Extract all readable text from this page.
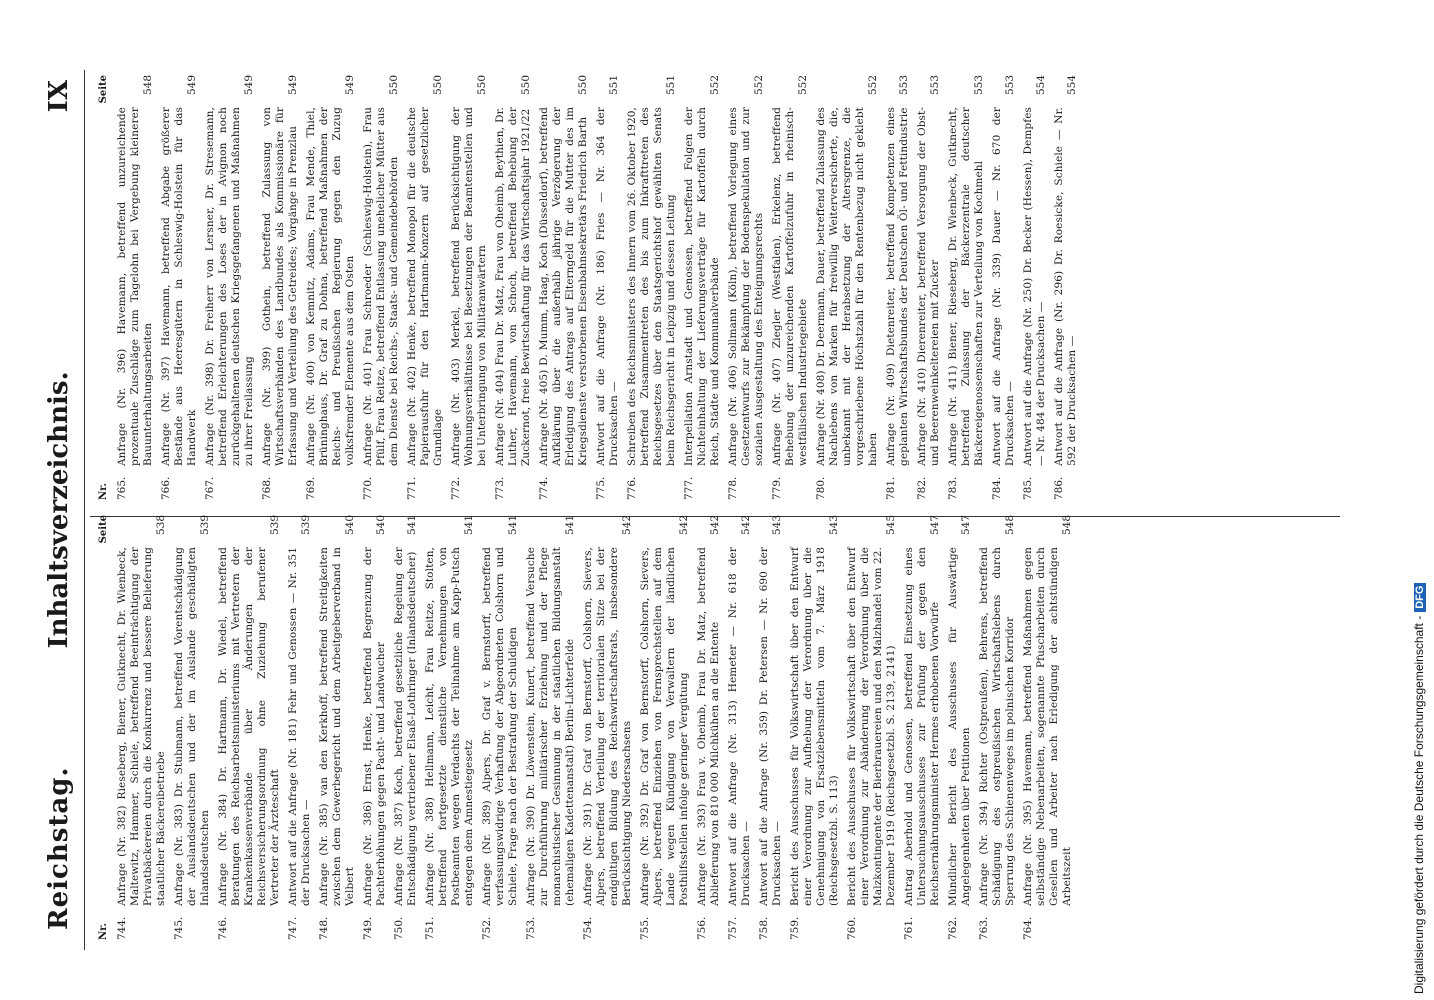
Reichstag.
Inhaltsverzeichnis.
IX
Nr.
Seite
744.
Anfrage (Nr. 382) Rieseberg, Biener, Gutknecht, Dr. Wienbeck, Maltewitz, Hammer, Schiele, betreffend Beeinträchtigung der Privatbäckereien durch die Konkurrenz und bessere Belieferung staatlicher Bäckereibetriebe
538
745.
Anfrage (Nr. 383) Dr. Stubmann, betreffend Vorentschädigung der Auslandsdeutschen und der im Auslande geschädigten Inlandsdeutschen
539
746.
Anfrage (Nr. 384) Dr. Hartmann, Dr. Wiedel, betreffend Beratungen des Reichsarbeitsministeriums mit Vertretern der Krankenkassenverbände über Änderungen der Reichsversicherungsordnung ohne Zuziehung berufener Vertreter der Ärzteschaft
539
747.
Antwort auf die Anfrage (Nr. 181) Fehr und Genossen — Nr. 351 der Drucksachen —
539
748.
Anfrage (Nr. 385) van den Kerkhoff, betreffend Streitigkeiten zwischen dem Gewerbegericht und dem Arbeitgeberverband in Velbert
540
749.
Anfrage (Nr. 386) Ernst, Henke, betreffend Begrenzung der Pachterhöhungen gegen Pacht- und Landwucher
540
750.
Anfrage (Nr. 387) Koch, betreffend gesetzliche Regelung der Entschädigung vertriebener Elsaß-Lothringer (Inlandsdeutscher)
541
751.
Anfrage (Nr. 388) Hellmann, Leicht, Frau Reitze, Stolten, betreffend fortgesetzte dienstliche Vernehmungen von Postbeamten wegen Verdachts der Teilnahme am Kapp-Putsch entgegen dem Amnestiegesetz
541
752.
Anfrage (Nr. 389) Alpers, Dr. Graf v. Bernstorff, betreffend verfassungswidrige Verhaftung der Abgeordneten Colshorn und Schiele, Frage nach der Bestrafung der Schuldigen
541
753.
Anfrage (Nr. 390) Dr. Löwenstein, Kunert, betreffend Versuche zur Durchführung militärischer Erziehung und der Pflege monarchistischer Gesinnung in der staatlichen Bildungsanstalt (ehemaligen Kadettenanstalt) Berlin-Lichterfelde
541
754.
Anfrage (Nr. 391) Dr. Graf von Bernstorff, Colshorn, Sievers, Alpers, betreffend Verteilung der territorialen Sitze bei der endgültigen Bildung des Reichswirtschaftsrats, insbesondere Berücksichtigung Niedersachsens
542
755.
Anfrage (Nr. 392) Dr. Graf von Bernstorff, Colshorn, Sievers, Alpers, betreffend Einziehen von Fernsprechstellen auf dem Lande wegen Kündigung von Verwaltern der ländlichen Posthilfsstellen infolge geringer Vergütung
542
756.
Anfrage (Nr. 393) Frau v. Oheimb, Frau Dr. Matz, betreffend Ablieferung von 810 000 Milchkühen an die Entente
542
757.
Antwort auf die Anfrage (Nr. 313) Hemeter — Nr. 618 der Drucksachen —
542
758.
Antwort auf die Anfrage (Nr. 359) Dr. Petersen — Nr. 690 der Drucksachen —
543
759.
Bericht des Ausschusses für Volkswirtschaft über den Entwurf einer Verordnung zur Aufhebung der Verordnung über die Genehmigung von Ersatzlebensmitteln vom 7. März 1918 (Reichsgesetzbl. S. 113)
543
760.
Bericht des Ausschusses für Volkswirtschaft über den Entwurf einer Verordnung zur Abänderung der Verordnung über die Malzkontingente der Bierbrauereien und den Malzhandel vom 22. Dezember 1919 (Reichsgesetzbl. S. 2139, 2141)
545
761.
Antrag Aberhold und Genossen, betreffend Einsetzung eines Untersuchungsausschusses zur Prüfung der gegen den Reichsernährungsminister Hermes erhobenen Vorwürfe
547
762.
Mündlicher Bericht des Ausschusses für Auswärtige Angelegenheiten über Petitionen
547
763.
Anfrage (Nr. 394) Richter (Ostpreußen), Behrens, betreffend Schädigung des ostpreußischen Wirtschaftslebens durch Sperrung des Schienenweges im polnischen Korridor
548
764.
Anfrage (Nr. 395) Havemann, betreffend Maßnahmen gegen selbständige Nebenarbeiten, sogenannte Pfuscharbeiten durch Gesellen und Arbeiter nach Erledigung der achtstündigen Arbeitszeit
548
Nr.
Seite
765.
Anfrage (Nr. 396) Havemann, betreffend unzureichende prozentuale Zuschläge zum Tagelohn bei Vergebung kleinerer Bauunterhaltungsarbeiten
548
766.
Anfrage (Nr. 397) Havemann, betreffend Abgabe größerer Bestände aus Heeresgütern in Schleswig-Holstein für das Handwerk
549
767.
Anfrage (Nr. 398) Dr. Freiherr von Lersner, Dr. Stresemann, betreffend Erleichterungen des Loses der in Avignon noch zurückgehaltenen deutschen Kriegsgefangenen und Maßnahmen zu ihrer Freilassung
549
768.
Anfrage (Nr. 399) Gothein, betreffend Zulassung von Wirtschaftsverbänden des Landbundes als Kommissionäre für Erfassung und Verteilung des Getreides; Vorgänge in Prenzlau
549
769.
Anfrage (Nr. 400) von Kemnitz, Adams, Frau Mende, Thiel, Brüninghaus, Dr. Graf zu Dohna, betreffend Maßnahmen der Reichs- und Preußischen Regierung gegen den Zuzug volksfremder Elemente aus dem Osten
549
770.
Anfrage (Nr. 401) Frau Schroeder (Schleswig-Holstein), Frau Pfülf, Frau Reitze, betreffend Entlassung unehelicher Mütter aus dem Dienste bei Reichs-, Staats- und Gemeindebehörden
550
771.
Anfrage (Nr. 402) Henke, betreffend Monopol für die deutsche Papierausfuhr für den Hartmann-Konzern auf gesetzlicher Grundlage
550
772.
Anfrage (Nr. 403) Merkel, betreffend Berücksichtigung der Wohnungsverhältnisse bei Besetzungen der Beamtenstellen und bei Unterbringung von Militäranwärtern
550
773.
Anfrage (Nr. 404) Frau Dr. Matz, Frau von Oheimb, Beythien, Dr. Luther, Havemann, von Schoch, betreffend Behebung der Zuckernot, freie Bewirtschaftung für das Wirtschaftsjahr 1921/22
550
774.
Anfrage (Nr. 405) D. Mumm, Haag, Koch (Düsseldorf), betreffend Aufklärung über die außerhalb jährige Verzögerung der Erledigung des Antrags auf Elterngeld für die Mutter des im Kriegsdienste verstorbenen Eisenbahnsekretärs Friedrich Barth
550
775.
Antwort auf die Anfrage (Nr. 186) Fries — Nr. 364 der Drucksachen —
551
776.
Schreiben des Reichsministers des Innern vom 26. Oktober 1920, betreffend Zusammentreten des bis zum Inkrafttreten des Reichsgesetzes über den Staatsgerichtshof gewählten Senats beim Reichsgericht in Leipzig und dessen Leitung
551
777.
Interpellation Arnstadt und Genossen, betreffend Folgen der Nichteinhaltung der Lieferungsverträge für Kartoffeln durch Reich, Städte und Kommunalverbände
552
778.
Anfrage (Nr. 406) Sollmann (Köln), betreffend Vorlegung eines Gesetzentwurfs zur Bekämpfung der Bodenspekulation und zur sozialen Ausgestaltung des Enteignungsrechts
552
779.
Anfrage (Nr. 407) Ziegler (Westfalen), Erkelenz, betreffend Behebung der unzureichenden Kartoffelzufuhr in rheinisch-westfälischen Industriegebiete
552
780.
Anfrage (Nr. 408) Dr. Deermann, Dauer, betreffend Zulassung des Nachlebens von Marken für freiwillig Weiterversicherte, die, unbekannt mit der Herabsetzung der Altersgrenze, die vorgeschriebene Höchstzahl für den Rentenbezug nicht geklebt haben
552
781.
Anfrage (Nr. 409) Dietenreiter, betreffend Kompetenzen eines geplanten Wirtschaftsbundes der Deutschen Öl- und Fettindustrie
553
782.
Anfrage (Nr. 410) Dierenreiter, betreffend Versorgung der Obst- und Beerenweinkeltereien mit Zucker
553
783.
Anfrage (Nr. 411) Biener, Rieseberg, Dr. Wienbeck, Gutknecht, betreffend Zulassung der Bäckerzentrale deutscher Bäckereigenossenschaften zur Verteilung von Kochmehl
553
784.
Antwort auf die Anfrage (Nr. 339) Dauer — Nr. 670 der Drucksachen —
553
785.
Antwort auf die Anfrage (Nr. 250) Dr. Becker (Hessen), Dempfes — Nr. 484 der Drucksachen —
554
786.
Antwort auf die Anfrage (Nr. 296) Dr. Roesicke, Schiele — Nr. 592 der Drucksachen —
554
Digitalisierung gefördert durch die Deutsche Forschungsgemeinschaft -DFG
